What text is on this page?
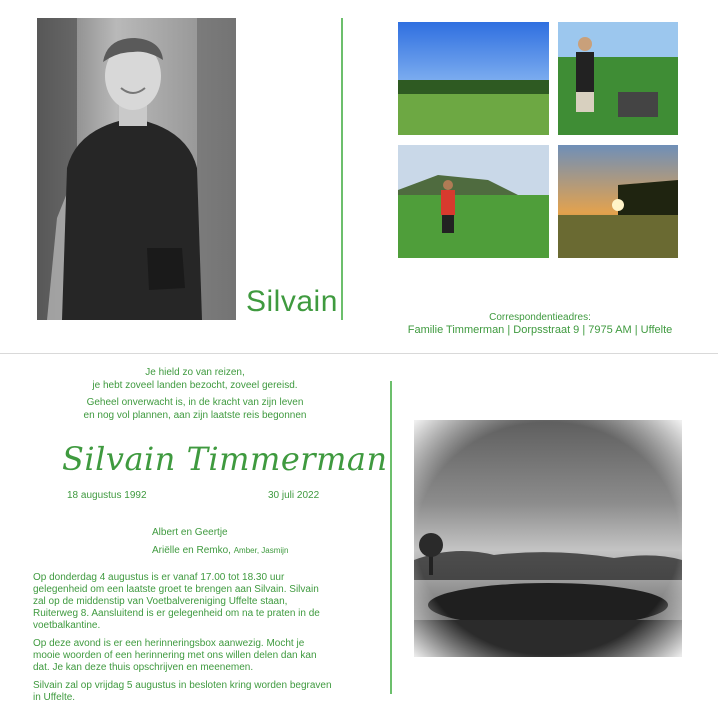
Silvain	Correspondentieadres:
Familie Timmerman | Dorpsstraat 9 | 7975 AM | Uffelte
Je hield zo van reizen,
je hebt zoveel landen bezocht, zoveel gereisd.
Geheel onverwacht is, in de kracht van zijn leven
en nog vol plannen, aan zijn laatste reis begonnen
Silvain Timmerman
18 augustus 1992	30 juli 2022
Albert en Geertje
Ariëlle en Remko, Amber, Jasmijn

Op donderdag 4 augustus is er vanaf 17.00 tot 18.30 uur gelegenheid om een laatste groet te brengen aan Silvain. Silvain zal op de middenstip van Voetbalvereniging Uffelte staan, Ruiterweg 8. Aansluitend is er gelegenheid om na te praten in de voetbalkantine.

Op deze avond is er een herinneringsbox aanwezig. Mocht je mooie woorden of een herinnering met ons willen delen dan kan dat. Je kan deze thuis opschrijven en meenemen.

Silvain zal op vrijdag 5 augustus in besloten kring worden begraven in Uffelte.
